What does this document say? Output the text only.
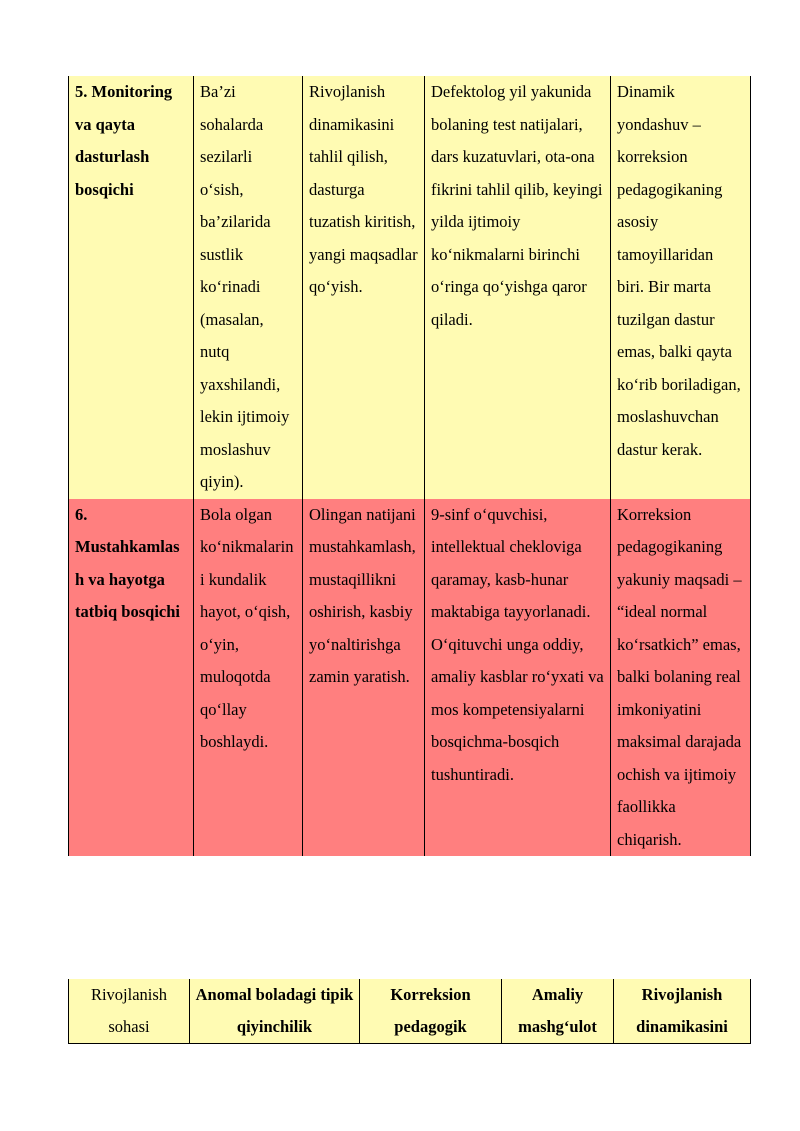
5. Monitoring va qayta dasturlash bosqichi	Ba’zi sohalarda sezilarli o‘sish, ba’zilarida sustlik ko‘rinadi (masalan, nutq yaxshilandi, lekin ijtimoiy moslashuv qiyin).	Rivojlanish dinamikasini tahlil qilish, dasturga tuzatish kiritish, yangi maqsadlar qo‘yish.	Defektolog yil yakunida bolaning test natijalari, dars kuzatuvlari, ota-ona fikrini tahlil qilib, keyingi yilda ijtimoiy ko‘nikmalarni birinchi o‘ringa qo‘yishga qaror qiladi.	Dinamik yondashuv – korreksion pedagogikaning asosiy tamoyillaridan biri. Bir marta tuzilgan dastur emas, balki qayta ko‘rib boriladigan, moslashuvchan dastur kerak.
6. Mustahkamlash va hayotga tatbiq bosqichi	Bola olgan ko‘nikmalarini kundalik hayot, o‘qish, o‘yin, muloqotda qo‘llay boshlaydi.	Olingan natijani mustahkamlash, mustaqillikni oshirish, kasbiy yo‘naltirishga zamin yaratish.	9-sinf o‘quvchisi, intellektual chekloviga qaramay, kasb-hunar maktabiga tayyorlanadi. O‘qituvchi unga oddiy, amaliy kasblar ro‘yxati va mos kompetensiyalarni bosqichma-bosqich tushuntiradi.	Korreksion pedagogikaning yakuniy maqsadi – “ideal normal ko‘rsatkich” emas, balki bolaning real imkoniyatini maksimal darajada ochish va ijtimoiy faollikka chiqarish.
Rivojlanish sohasi	Anomal boladagi tipik qiyinchilik	Korreksion pedagogik	Amaliy mashg‘ulot	Rivojlanish dinamikasini
